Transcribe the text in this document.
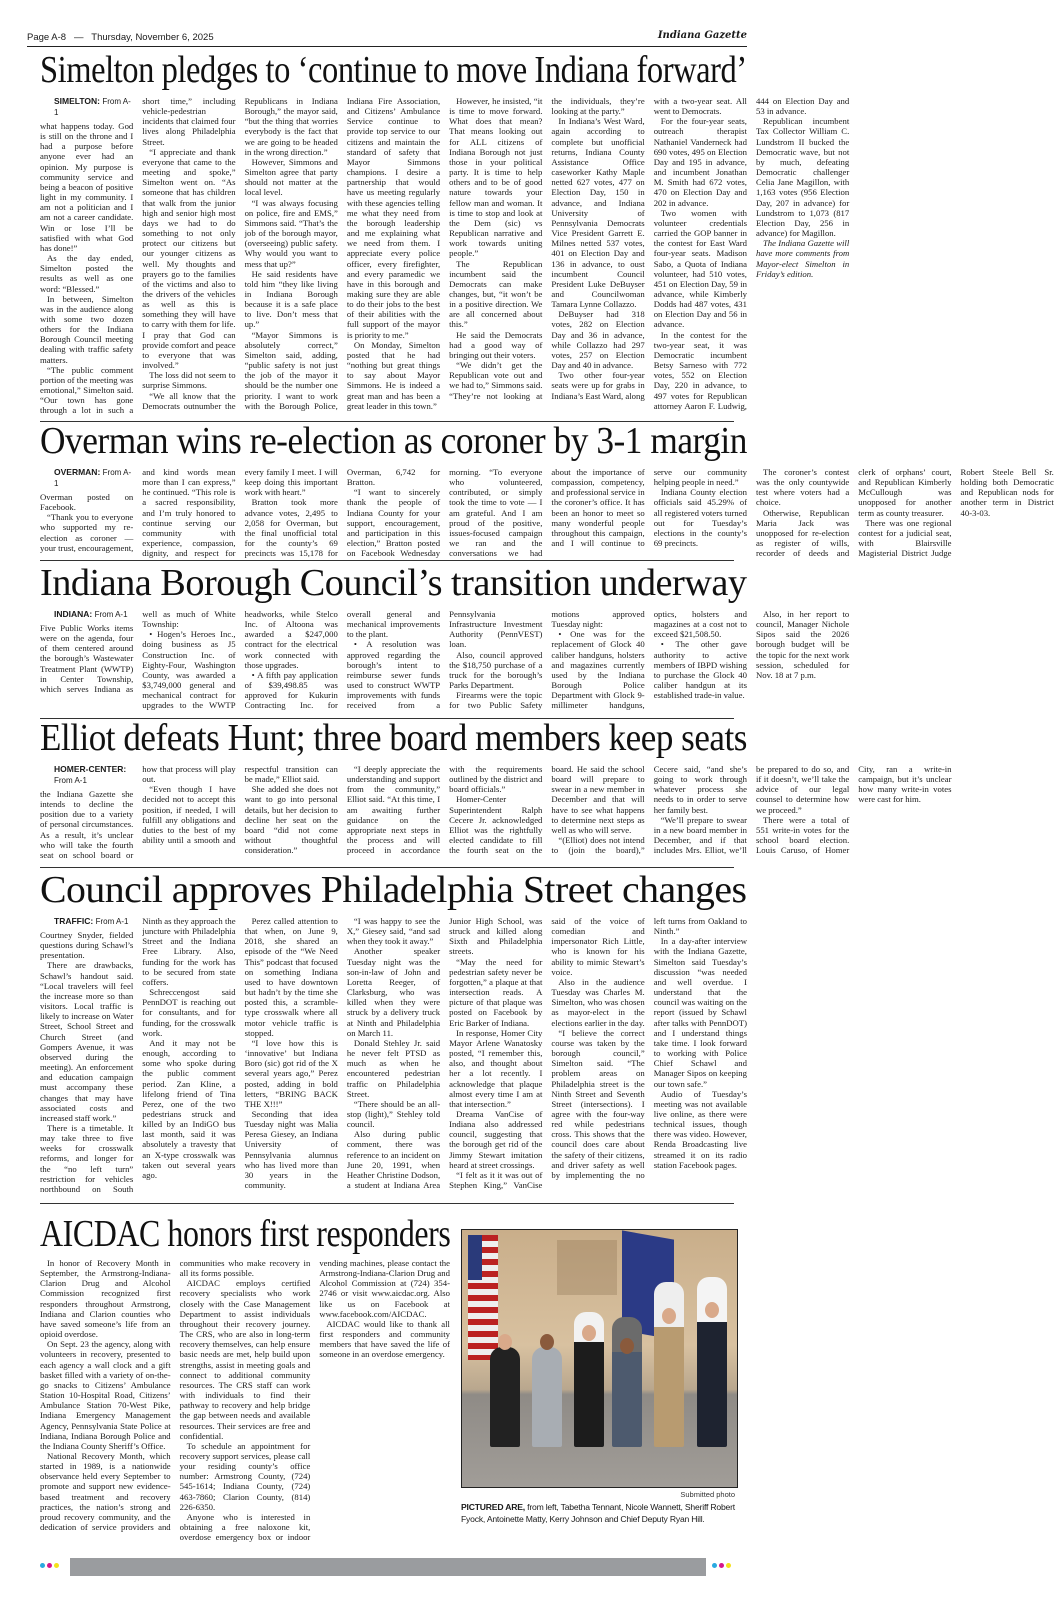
Page A-8 — Thursday, November 6, 2025	Indiana Gazette
Simelton pledges to ‘continue to move Indiana forward’
SIMELTON: From A-1

what happens today. God is still on the throne and I had a purpose before anyone ever had an opinion. My purpose is community service and being a beacon of positive light in my community. I am not a politician and I am not a career candidate. Win or lose I’ll be satisfied with what God has done!”

As the day ended, Simelton posted the results as well as one word: “Blessed.”

In between, Simelton was in the audience along with some two dozen others for the Indiana Borough Council meeting dealing with traffic safety matters.

“The public comment portion of the meeting was emotional,” Simelton said. “Our town has gone through a lot in such a short time,” including vehicle-pedestrian incidents that claimed four lives along Philadelphia Street.

“I appreciate and thank everyone that came to the meeting and spoke,” Simelton went on. “As someone that has children that walk from the junior high and senior high most days we had to do something to not only protect our citizens but our younger citizens as well. My thoughts and prayers go to the families of the victims and also to the drivers of the vehicles as well as this is something they will have to carry with them for life. I pray that God can provide comfort and peace to everyone that was involved.”

The loss did not seem to surprise Simmons.

“We all know that the Democrats outnumber the Republicans in Indiana Borough,” the mayor said, “but the thing that worries everybody is the fact that we are going to be headed in the wrong direction.”

However, Simmons and Simelton agree that party should not matter at the local level.

“I was always focusing on police, fire and EMS,” Simmons said. “That’s the job of the borough mayor, (overseeing) public safety. Why would you want to mess that up?”

He said residents have told him “they like living in Indiana Borough because it is a safe place to live. Don’t mess that up.”

“Mayor Simmons is absolutely correct,” Simelton said, adding, “public safety is not just the job of the mayor it should be the number one priority. I want to work with the Borough Police, Indiana Fire Association, and Citizens’ Ambulance Service continue to provide top service to our citizens and maintain the standard of safety that Mayor Simmons champions. I desire a partnership that would have us meeting regularly with these agencies telling me what they need from the borough leadership and me explaining what we need from them. I appreciate every police officer, every firefighter, and every paramedic we have in this borough and making sure they are able to do their jobs to the best of their abilities with the full support of the mayor is priority to me.”

On Monday, Simelton posted that he had “nothing but great things to say about Mayor Simmons. He is indeed a great man and has been a great leader in this town.”

However, he insisted, “it is time to move forward. What does that mean? That means looking out for ALL citizens of Indiana Borough not just those in your political party. It is time to help others and to be of good nature towards your fellow man and woman. It is time to stop and look at the Dem (sic) vs Republican narrative and work towards uniting people.”

The Republican incumbent said the Democrats can make changes, but, “it won’t be in a positive direction. We are all concerned about this.”

He said the Democrats had a good way of bringing out their voters.

“We didn’t get the Republican vote out and we had to,” Simmons said. “They’re not looking at the individuals, they’re looking at the party.”

In Indiana’s West Ward, again according to complete but unofficial returns, Indiana County Assistance Office caseworker Kathy Maple netted 627 votes, 477 on Election Day, 150 in advance, and Indiana University of Pennsylvania Democrats Vice President Garrett E. Milnes netted 537 votes, 401 on Election Day and 136 in advance, to oust incumbent Council President Luke DeBuyser and Councilwoman Tamara Lynne Collazzo.

DeBuyser had 318 votes, 282 on Election Day and 36 in advance, while Collazzo had 297 votes, 257 on Election Day and 40 in advance.

Two other four-year seats were up for grabs in Indiana’s East Ward, along with a two-year seat. All went to Democrats.

For the four-year seats, outreach therapist Nathaniel Vanderneck had 690 votes, 495 on Election Day and 195 in advance, and incumbent Jonathan M. Smith had 672 votes, 470 on Election Day and 202 in advance.

Two women with volunteer credentials carried the GOP banner in the contest for East Ward four-year seats. Madison Sabo, a Quota of Indiana volunteer, had 510 votes, 451 on Election Day, 59 in advance, while Kimberly Dodds had 487 votes, 431 on Election Day and 56 in advance.

In the contest for the two-year seat, it was Democratic incumbent Betsy Sarneso with 772 votes, 552 on Election Day, 220 in advance, to 497 votes for Republican attorney Aaron F. Ludwig, 444 on Election Day and 53 in advance.

Republican incumbent Tax Collector William C. Lundstrom II bucked the Democratic wave, but not by much, defeating Democratic challenger Celia Jane Magillon, with 1,163 votes (956 Election Day, 207 in advance) for Lundstrom to 1,073 (817 Election Day, 256 in advance) for Magillon.

The Indiana Gazette will have more comments from Mayor-elect Simelton in Friday’s edition.

Overman wins re-election as coroner by 3-1 margin
OVERMAN: From A-1

Overman posted on Facebook.

“Thank you to everyone who supported my re-election as coroner — your trust, encouragement, and kind words mean more than I can express,” he continued. “This role is a sacred responsibility, and I’m truly honored to continue serving our community with experience, compassion, dignity, and respect for every family I meet. I will keep doing this important work with heart.”

Bratton took more advance votes, 2,495 to 2,058 for Overman, but the final unofficial total for the county’s 69 precincts was 15,178 for Overman, 6,742 for Bratton.

“I want to sincerely thank the people of Indiana County for your support, encouragement, and participation in this election,” Bratton posted on Facebook Wednesday morning. “To everyone who volunteered, contributed, or simply took the time to vote — I am grateful. And I am proud of the positive, issues-focused campaign we ran and the conversations we had about the importance of compassion, competency, and professional service in the coroner’s office. It has been an honor to meet so many wonderful people throughout this campaign, and I will continue to serve our community helping people in need.”

Indiana County election officials said 45.29% of all registered voters turned out for Tuesday’s elections in the county’s 69 precincts.

The coroner’s contest was the only countywide test where voters had a choice.

Otherwise, Republican Maria Jack was unopposed for re-election as register of wills, recorder of deeds and clerk of orphans’ court, and Republican Kimberly McCullough was unopposed for another term as county treasurer.

There was one regional contest for a judicial seat, with Blairsville Magisterial District Judge Robert Steele Bell Sr. holding both Democratic and Republican nods for another term in District 40-3-03.

Indiana Borough Council’s transition underway
INDIANA: From A-1

Five Public Works items were on the agenda, four of them centered around the borough’s Wastewater Treatment Plant (WWTP) in Center Township, which serves Indiana as well as much of White Township:

• Hogen’s Heroes Inc., doing business as J5 Construction Inc. of Eighty-Four, Washington County, was awarded a $3,749,000 general and mechanical contract for upgrades to the WWTP headworks, while Stelco Inc. of Altoona was awarded a $247,000 contract for the electrical work connected with those upgrades.

• A fifth pay application of $39,498.85 was approved for Kukurin Contracting Inc. for overall general and mechanical improvements to the plant.

• A resolution was approved regarding the borough’s intent to reimburse sewer funds used to construct WWTP improvements with funds received from a Pennsylvania Infrastructure Investment Authority (PennVEST) loan.

Also, council approved the $18,750 purchase of a truck for the borough’s Parks Department.

Firearms were the topic for two Public Safety motions approved Tuesday night:

• One was for the replacement of Glock 40 caliber handguns, holsters and magazines currently used by the Indiana Borough Police Department with Glock 9-millimeter handguns, optics, holsters and magazines at a cost not to exceed $21,508.50.

• The other gave authority to active members of IBPD wishing to purchase the Glock 40 caliber handgun at its established trade-in value.

Also, in her report to council, Manager Nichole Sipos said the 2026 borough budget will be the topic for the next work session, scheduled for Nov. 18 at 7 p.m.

Elliot defeats Hunt; three board members keep seats
HOMER-CENTER: From A-1

the Indiana Gazette she intends to decline the position due to a variety of personal circumstances. As a result, it’s unclear who will take the fourth seat on school board or how that process will play out.

“Even though I have decided not to accept this position, if needed, I will fulfill any obligations and duties to the best of my ability until a smooth and respectful transition can be made,” Elliot said.

She added she does not want to go into personal details, but her decision to decline her seat on the board “did not come without thoughtful consideration.”

“I deeply appreciate the understanding and support from the community,” Elliot said. “At this time, I am awaiting further guidance on the appropriate next steps in the process and will proceed in accordance with the requirements outlined by the district and board officials.”

Homer-Center Superintendent Ralph Cecere Jr. acknowledged Elliot was the rightfully elected candidate to fill the fourth seat on the board. He said the school board will prepare to swear in a new member in December and that will have to see what happens to determine next steps as well as who will serve.

“(Elliot) does not intend to (join the board),” Cecere said, “and she’s going to work through whatever process she needs to in order to serve her family best.

“We’ll prepare to swear in a new board member in December, and if that includes Mrs. Elliot, we’ll be prepared to do so, and if it doesn’t, we’ll take the advice of our legal counsel to determine how we proceed.”

There were a total of 551 write-in votes for the school board election. Louis Caruso, of Homer City, ran a write-in campaign, but it’s unclear how many write-in votes were cast for him.

Council approves Philadelphia Street changes
TRAFFIC: From A-1

Courtney Snyder, fielded questions during Schawl’s presentation.

There are drawbacks, Schawl’s handout said. “Local travelers will feel the increase more so than visitors. Local traffic is likely to increase on Water Street, School Street and Church Street (and Gompers Avenue, it was observed during the meeting). An enforcement and education campaign must accompany these changes that may have associated costs and increased staff work.”

There is a timetable. It may take three to five weeks for crosswalk reforms, and longer for the “no left turn” restriction for vehicles northbound on South Ninth as they approach the juncture with Philadelphia Street and the Indiana Free Library. Also, funding for the work has to be secured from state coffers.

Schreccengost said PennDOT is reaching out for consultants, and for funding, for the crosswalk work.

And it may not be enough, according to some who spoke during the public comment period. Zan Kline, a lifelong friend of Tina Perez, one of the two pedestrians struck and killed by an IndiGO bus last month, said it was absolutely a travesty that an X-type crosswalk was taken out several years ago.

Perez called attention to that when, on June 9, 2018, she shared an episode of the “We Need This” podcast that focused on something Indiana used to have downtown but hadn’t by the time she posted this, a scramble-type crosswalk where all motor vehicle traffic is stopped.

“I love how this is ‘innovative’ but Indiana Boro (sic) got rid of the X several years ago,” Perez posted, adding in bold letters, “BRING BACK THE X!!!”

Seconding that idea Tuesday night was Malia Peresa Giesey, an Indiana University of Pennsylvania alumnus who has lived more than 30 years in the community.

“I was happy to see the X,” Giesey said, “and sad when they took it away.”

Another speaker Tuesday night was the son-in-law of John and Loretta Reeger, of Clarksburg, who was killed when they were struck by a delivery truck at Ninth and Philadelphia on March 11.

Donald Stehley Jr. said he never felt PTSD as much as when he encountered pedestrian traffic on Philadelphia Street.

“There should be an all-stop (light),” Stehley told council.

Also during public comment, there was reference to an incident on June 20, 1991, when Heather Christine Dodson, a student at Indiana Area Junior High School, was struck and killed along Sixth and Philadelphia streets.

“May the need for pedestrian safety never be forgotten,” a plaque at that intersection reads. A picture of that plaque was posted on Facebook by Eric Barker of Indiana.

In response, Homer City Mayor Arlene Wanatosky posted, “I remember this, also, and thought about her a lot recently. I acknowledge that plaque almost every time I am at that intersection.”

Dreama VanCise of Indiana also addressed council, suggesting that the borough get rid of the Jimmy Stewart imitation heard at street crossings.

“I felt as it it was out of Stephen King,” VanCise said of the voice of comedian and impersonator Rich Little, who is known for his ability to mimic Stewart’s voice.

Also in the audience Tuesday was Charles M. Simelton, who was chosen as mayor-elect in the elections earlier in the day.

“I believe the correct course was taken by the borough council,” Simelton said. “The problem areas on Philadelphia street is the Ninth Street and Seventh Street (intersections). I agree with the four-way red while pedestrians cross. This shows that the council does care about the safety of their citizens, and driver safety as well by implementing the no left turns from Oakland to Ninth.”

In a day-after interview with the Indiana Gazette, Simelton said Tuesday’s discussion “was needed and well overdue. I understand that the council was waiting on the report (issued by Schawl after talks with PennDOT) and I understand things take time. I look forward to working with Police Chief Schawl and Manager Sipos on keeping our town safe.”

Audio of Tuesday’s meeting was not available live online, as there were technical issues, though there was video. However, Renda Broadcasting live streamed it on its radio station Facebook pages.

AICDAC honors first responders

In honor of Recovery Month in September, the Armstrong-Indiana-Clarion Drug and Alcohol Commission recognized first responders throughout Armstrong, Indiana and Clarion counties who have saved someone’s life from an opioid overdose.

On Sept. 23 the agency, along with volunteers in recovery, presented to each agency a wall clock and a gift basket filled with a variety of on-the-go snacks to Citizens’ Ambulance Station 10-Hospital Road, Citizens’ Ambulance Station 70-West Pike, Indiana Emergency Management Agency, Pennsylvania State Police at Indiana, Indiana Borough Police and the Indiana County Sheriff’s Office.

National Recovery Month, which started in 1989, is a nationwide observance held every September to promote and support new evidence-based treatment and recovery practices, the nation’s strong and proud recovery community, and the dedication of service providers and communities who make recovery in all its forms possible.

AICDAC employs certified recovery specialists who work closely with the Case Management Department to assist individuals throughout their recovery journey. The CRS, who are also in long-term recovery themselves, can help ensure basic needs are met, help build upon strengths, assist in meeting goals and connect to additional community resources. The CRS staff can work with individuals to find their pathway to recovery and help bridge the gap between needs and available resources. Their services are free and confidential.

To schedule an appointment for recovery support services, please call your residing county’s office number: Armstrong County, (724) 545-1614; Indiana County, (724) 463-7860; Clarion County, (814) 226-6350.

Anyone who is interested in obtaining a free naloxone kit, overdose emergency box or indoor vending machines, please contact the Armstrong-Indiana-Clarion Drug and Alcohol Commission at (724) 354-2746 or visit www.aicdac.org. Also like us on Facebook at www.facebook.com/AICDAC.

AICDAC would like to thank all first responders and community members that have saved the life of someone in an overdose emergency.

Submitted photo
PICTURED ARE, from left, Tabetha Tennant, Nicole Wannett, Sheriff Robert Fyock, Antoinette Matty, Kerry Johnson and Chief Deputy Ryan Hill.
